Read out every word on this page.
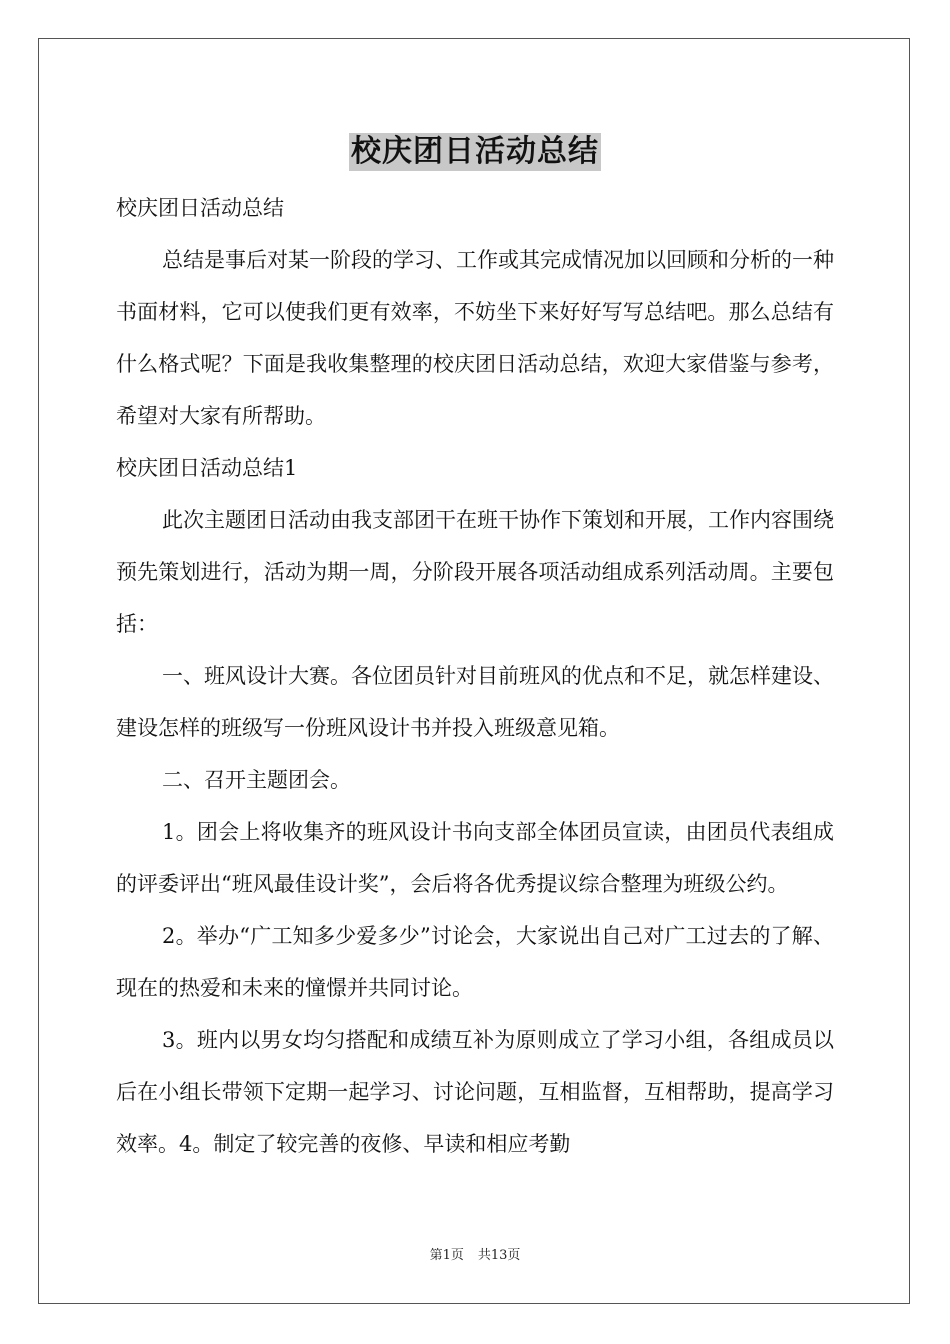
校庆团日活动总结

校庆团日活动总结

总结是事后对某一阶段的学习、工作或其完成情况加以回顾和分析的一种书面材料，它可以使我们更有效率，不妨坐下来好好写写总结吧。那么总结有什么格式呢？下面是我收集整理的校庆团日活动总结，欢迎大家借鉴与参考，希望对大家有所帮助。

校庆团日活动总结1

此次主题团日活动由我支部团干在班干协作下策划和开展，工作内容围绕预先策划进行，活动为期一周，分阶段开展各项活动组成系列活动周。主要包括：

一、班风设计大赛。各位团员针对目前班风的优点和不足，就怎样建设、建设怎样的班级写一份班风设计书并投入班级意见箱。

二、召开主题团会。

1。团会上将收集齐的班风设计书向支部全体团员宣读，由团员代表组成的评委评出“班风最佳设计奖”，会后将各优秀提议综合整理为班级公约。

2。举办“广工知多少爱多少”讨论会，大家说出自己对广工过去的了解、现在的热爱和未来的憧憬并共同讨论。

3。班内以男女均匀搭配和成绩互补为原则成立了学习小组，各组成员以后在小组长带领下定期一起学习、讨论问题，互相监督，互相帮助，提高学习效率。4。制定了较完善的夜修、早读和相应考勤

第1页 共13页
